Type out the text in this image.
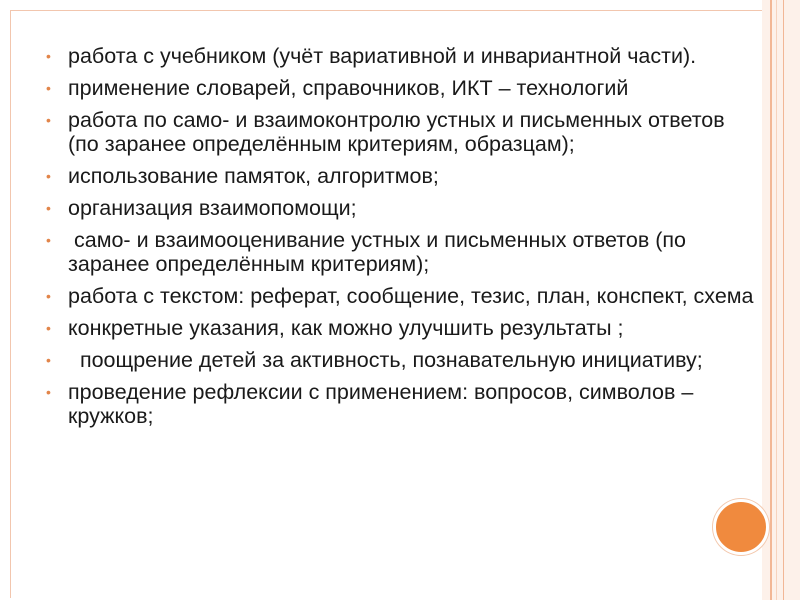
• работа с учебником (учёт вариативной и инвариантной части).
• применение словарей, справочников, ИКТ – технологий
• работа по само- и взаимоконтролю устных и письменных ответов (по заранее определённым критериям, образцам);
• использование памяток, алгоритмов;
• организация взаимопомощи;
• само- и взаимооценивание устных и письменных ответов (по заранее определённым критериям);
• работа с текстом: реферат, сообщение, тезис, план, конспект, схема
• конкретные указания, как можно улучшить результаты ;
• поощрение детей за активность, познавательную инициативу;
• проведение рефлексии с применением: вопросов, символов – кружков;
